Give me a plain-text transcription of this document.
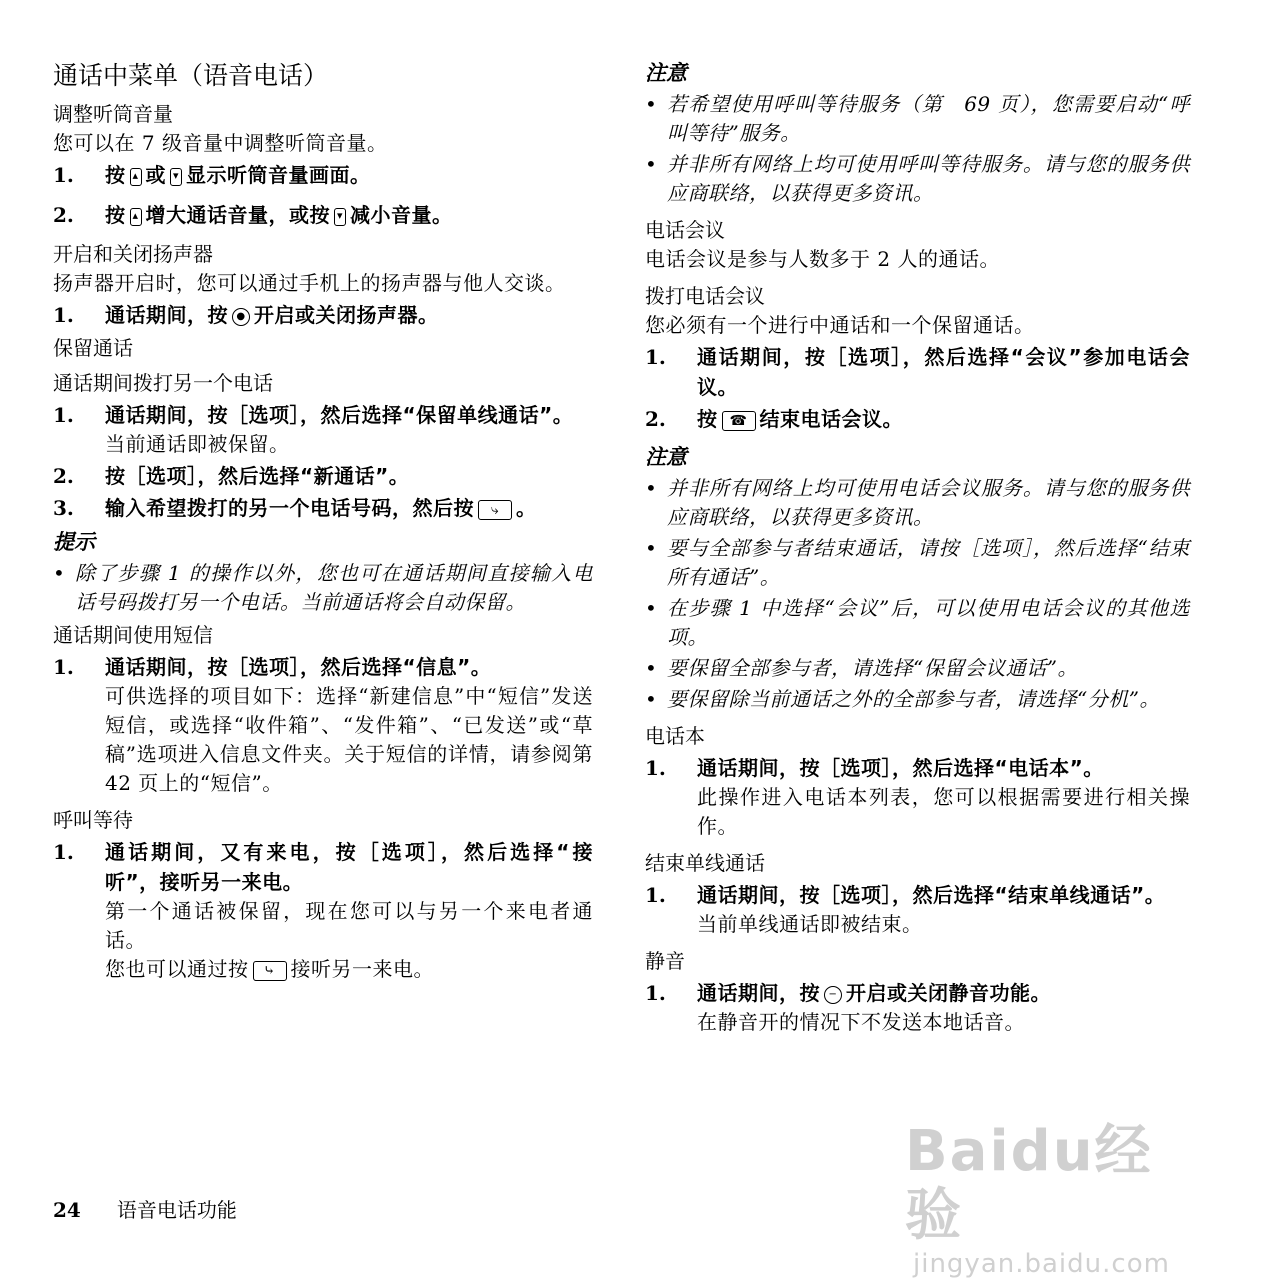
通话中菜单（语音电话）
调整听筒音量
您可以在 7 级音量中调整听筒音量。
1.	按 ▴ 或 ▾ 显示听筒音量画面。
2.	按 ▴ 增大通话音量，或按 ▾ 减小音量。
开启和关闭扬声器
扬声器开启时，您可以通过手机上的扬声器与他人交谈。
1.	通话期间，按 ● 开启或关闭扬声器。
保留通话
通话期间拨打另一个电话
1.	通话期间，按［选项］，然后选择“保留单线通话”。
当前通话即被保留。
2.	按［选项］，然后选择“新通话”。
3.	输入希望拨打的另一个电话号码，然后按 ⤷ 。
提示
• 除了步骤 1 的操作以外，您也可在通话期间直接输入电话号码拨打另一个电话。当前通话将会自动保留。
通话期间使用短信
1.	通话期间，按［选项］，然后选择“信息”。
可供选择的项目如下：选择“新建信息”中“短信”发送短信，或选择“收件箱”、“发件箱”、“已发送”或“草稿”选项进入信息文件夹。关于短信的详情，请参阅第 42 页上的“短信”。
呼叫等待
1.	通话期间，又有来电，按［选项］，然后选择“接听”，接听另一来电。
第一个通话被保留，现在您可以与另一个来电者通话。
您也可以通过按 ⤷ 接听另一来电。
注意
• 若希望使用呼叫等待服务（第　69 页），您需要启动“呼叫等待”服务。
• 并非所有网络上均可使用呼叫等待服务。请与您的服务供应商联络，以获得更多资讯。
电话会议
电话会议是参与人数多于 2 人的通话。
拨打电话会议
您必须有一个进行中通话和一个保留通话。
1.	通话期间，按［选项］，然后选择“会议”参加电话会议。
2.	按 ☎ 结束电话会议。
注意
• 并非所有网络上均可使用电话会议服务。请与您的服务供应商联络，以获得更多资讯。
• 要与全部参与者结束通话，请按［选项］，然后选择“结束所有通话”。
• 在步骤 1 中选择“会议”后，可以使用电话会议的其他选项。
• 要保留全部参与者，请选择“保留会议通话”。
• 要保留除当前通话之外的全部参与者，请选择“分机”。
电话本
1.	通话期间，按［选项］，然后选择“电话本”。
此操作进入电话本列表，您可以根据需要进行相关操作。
结束单线通话
1.	通话期间，按［选项］，然后选择“结束单线通话”。
当前单线通话即被结束。
静音
1.	通话期间，按 − 开启或关闭静音功能。
在静音开的情况下不发送本地话音。
24 语音电话功能
Baidu经验
jingyan.baidu.com
